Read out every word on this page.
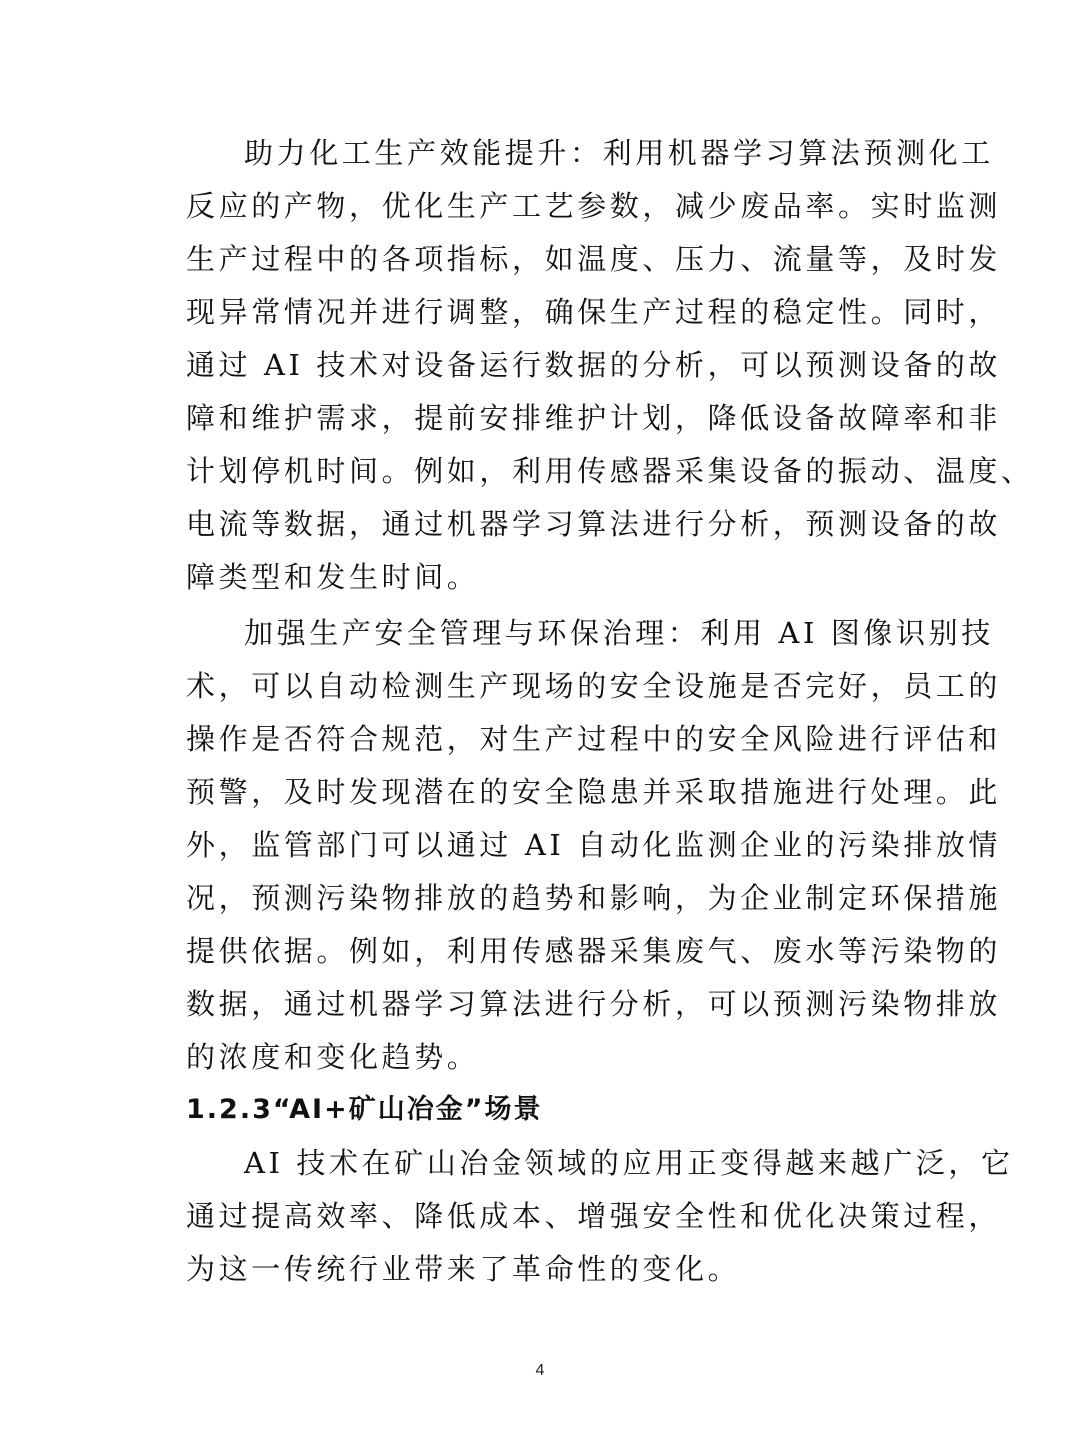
助力化工生产效能提升：利用机器学习算法预测化工
反应的产物，优化生产工艺参数，减少废品率。实时监测
生产过程中的各项指标，如温度、压力、流量等，及时发
现异常情况并进行调整，确保生产过程的稳定性。同时，
通过 AI 技术对设备运行数据的分析，可以预测设备的故
障和维护需求，提前安排维护计划，降低设备故障率和非
计划停机时间。例如，利用传感器采集设备的振动、温度、
电流等数据，通过机器学习算法进行分析，预测设备的故
障类型和发生时间。
加强生产安全管理与环保治理：利用 AI 图像识别技
术，可以自动检测生产现场的安全设施是否完好，员工的
操作是否符合规范，对生产过程中的安全风险进行评估和
预警，及时发现潜在的安全隐患并采取措施进行处理。此
外，监管部门可以通过 AI 自动化监测企业的污染排放情
况，预测污染物排放的趋势和影响，为企业制定环保措施
提供依据。例如，利用传感器采集废气、废水等污染物的
数据，通过机器学习算法进行分析，可以预测污染物排放
的浓度和变化趋势。
1.2.3“AI+矿山冶金”场景
AI 技术在矿山冶金领域的应用正变得越来越广泛，它
通过提高效率、降低成本、增强安全性和优化决策过程，
为这一传统行业带来了革命性的变化。
4
